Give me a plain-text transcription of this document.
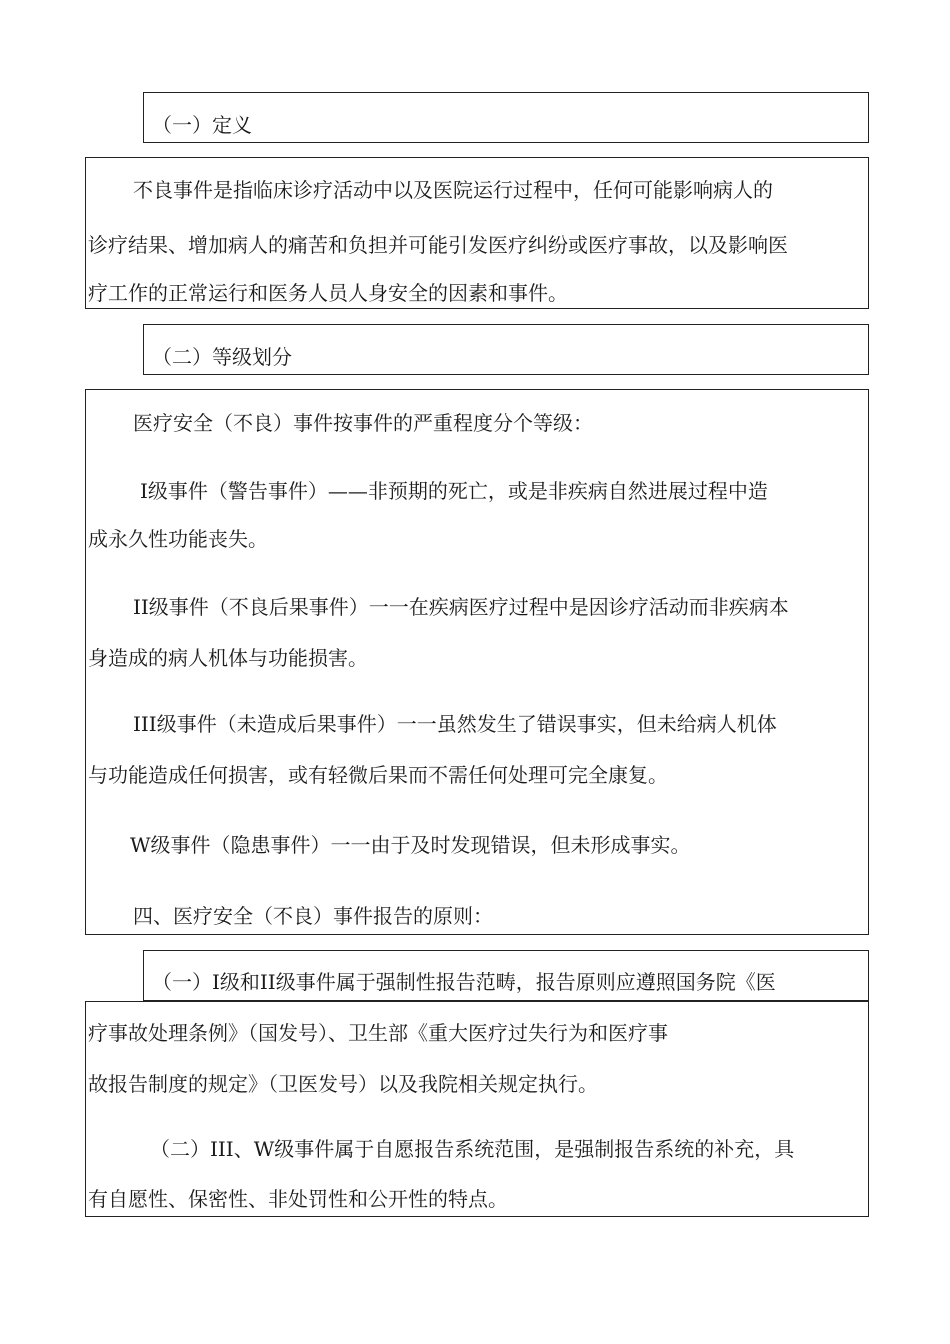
（一）定义
不良事件是指临床诊疗活动中以及医院运行过程中，任何可能影响病人的
诊疗结果、增加病人的痛苦和负担并可能引发医疗纠纷或医疗事故，以及影响医
疗工作的正常运行和医务人员人身安全的因素和事件。
（二）等级划分
医疗安全（不良）事件按事件的严重程度分个等级：
I级事件（警告事件）——非预期的死亡，或是非疾病自然进展过程中造
成永久性功能丧失。
II级事件（不良后果事件）一一在疾病医疗过程中是因诊疗活动而非疾病本
身造成的病人机体与功能损害。
III级事件（未造成后果事件）一一虽然发生了错误事实，但未给病人机体
与功能造成任何损害，或有轻微后果而不需任何处理可完全康复。
W级事件（隐患事件）一一由于及时发现错误，但未形成事实。
四、医疗安全（不良）事件报告的原则：
（一）I级和II级事件属于强制性报告范畴，报告原则应遵照国务院《医
疗事故处理条例》（国发号）、卫生部《重大医疗过失行为和医疗事
故报告制度的规定》（卫医发号）以及我院相关规定执行。
（二）III、W级事件属于自愿报告系统范围，是强制报告系统的补充，具
有自愿性、保密性、非处罚性和公开性的特点。
